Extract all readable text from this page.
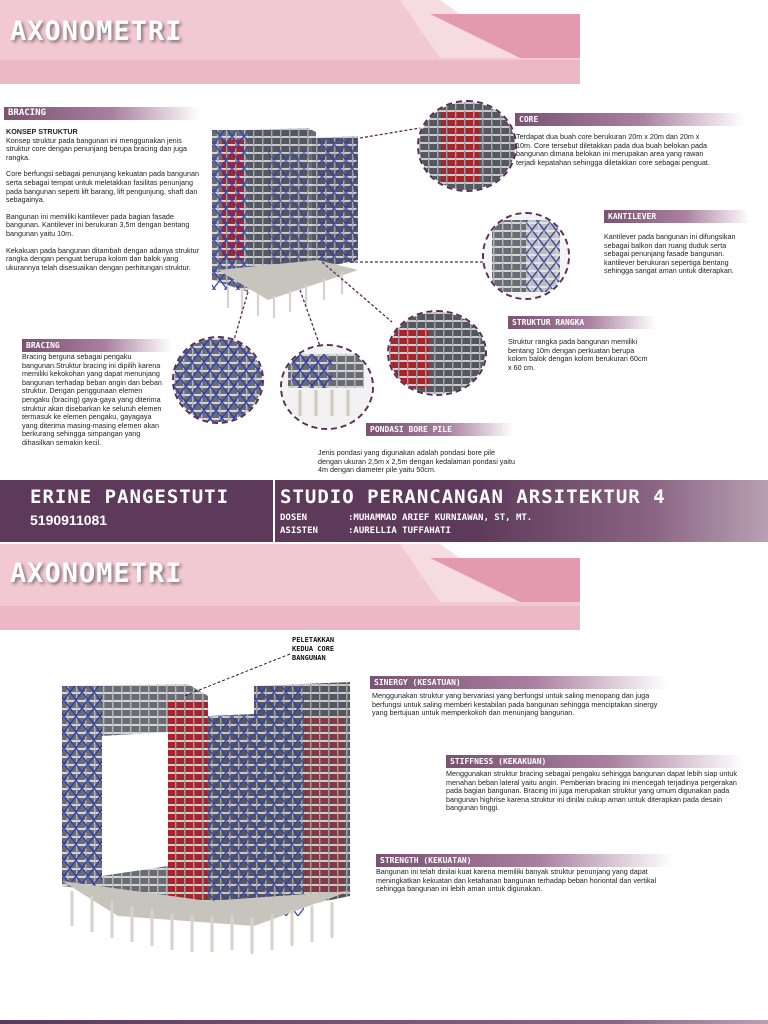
AXONOMETRI
BRACING
KONSEP STRUKTUR
Konsep struktur pada bangunan ini menggunakan jenis struktur core dengan penunjang berupa bracing dan juga rangka.
Core berfungsi sebagai penunjang kekuatan pada bangunan serta sebagai tempat untuk meletakkan fasilitas penunjang pada bangunan seperti lift barang, lift pengunjung, shaft dan sebagainya.
Bangunan ini memiliki kantilever pada bagian fasade bangunan. Kantilever ini berukuran 3,5m dengan bentang bangunan yaitu 10m.
Kekakuan pada bangunan ditambah dengan adanya struktur rangka dengan penguat berupa kolom dan balok yang ukurannya telah disesuaikan dengan perhitungan struktur.
CORE
Terdapat dua buah core berukuran 20m x 20m dan 20m x 10m. Core tersebut diletakkan pada dua buah belokan pada bangunan dimana belokan ini merupakan area yang rawan terjadi kepatahan sehingga diletakkan core sebagai penguat.
KANTILEVER
Kantilever pada bangunan ini difungsikan sebagai balkon dan ruang duduk serta sebagai penunjang fasade bangunan. kantilever berukuran sepertiga bentang sehingga sangat aman untuk diterapkan.
STRUKTUR RANGKA
Struktur rangka pada bangunan memiliki bentang 10m dengan perkuatan berupa kolom balok dengan kolom berukuran 60cm x 60 cm.
BRACING
Bracing berguna sebagai pengaku bangunan.Struktur bracing ini dipilih karena memiliki kekokohan yang dapat menunjang bangunan terhadap beban angin dan beban struktur. Dengan penggunaan elemen pengaku (bracing) gaya-gaya yang diterima struktur akan disebarkan ke seluruh elemen termasuk ke elemen pengaku, gayagaya yang diterima masing-masing elemen akan berkurang sehingga simpangan yang dihasilkan semakin kecil.
PONDASI BORE PILE
Jenis pondasi yang digunakan adalah pondasi bore pile dengan ukuran 2,5m x 2,5m dengan kedalaman pondasi yaitu 4m dengan diameter pile yaitu 50cm.
ERINE PANGESTUTI
5190911081
STUDIO PERANCANGAN ARSITEKTUR 4
DOSEN	:MUHAMMAD ARIEF KURNIAWAN, ST, MT.
ASISTEN	:AURELLIA TUFFAHATI
AXONOMETRI
PELETAKKAN
KEDUA CORE
BANGUNAN
SINERGY (KESATUAN)
Menggunakan struktur yang bervariasi yang berfungsi untuk saling menopang dan juga berfungsi untuk saling memberi kestabilan pada bangunan sehingga menciptakan sinergy yang bertujuan untuk memperkokoh dan menunjang bangunan.
STIFFNESS (KEKAKUAN)
Menggunakan struktur bracing sebagai pengaku sehingga bangunan dapat lebih siap untuk menahan beban lateral yaitu angin. Pemberian bracing ini mencegah terjadinya pergerakan pada bagian bangunan. Bracing ini juga merupakan struktur yang umum digunakan pada bangunan highrise karena struktur ini dinilai cukup aman untuk diterapkan pada desain bangunan tinggi.
STRENGTH (KEKUATAN)
Bangunan ini telah dinilai kuat karena memiliki banyak struktur penunjang yang dapat meningkatkan kekuatan dan ketahanan bangunan terhadap beban horiontal dan vertikal sehingga bangunan ini lebih aman untuk digunakan.
